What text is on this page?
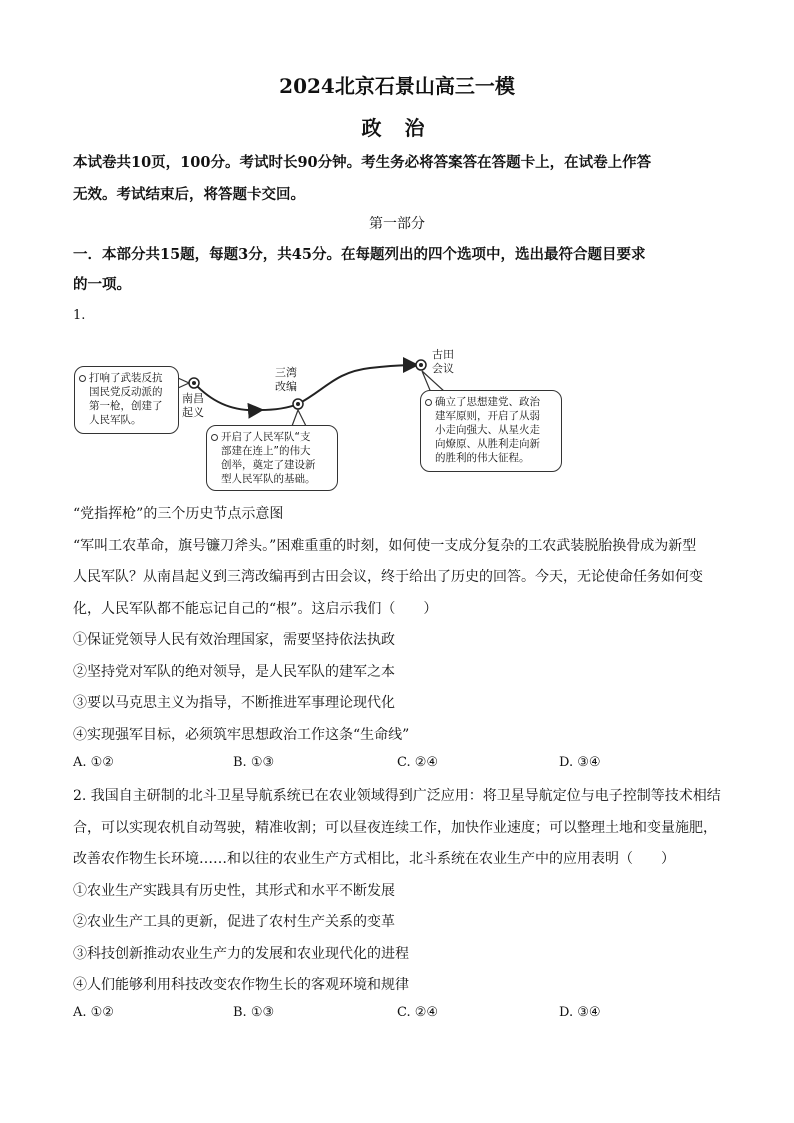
2024北京石景山高三一模
政 治
本试卷共10页，100分。考试时长90分钟。考生务必将答案答在答题卡上，在试卷上作答
无效。考试结束后，将答题卡交回。
第一部分
一．本部分共15题，每题3分，共45分。在每题列出的四个选项中，选出最符合题目要求
的一项。
1.
南昌
起义
三湾
改编
古田
会议
打响了武装反抗
国民党反动派的
第一枪，创建了
人民军队。
开启了人民军队“支
部建在连上”的伟大
创举，奠定了建设新
型人民军队的基础。
确立了思想建党、政治
建军原则，开启了从弱
小走向强大、从星火走
向燎原、从胜利走向新
的胜利的伟大征程。
“党指挥枪”的三个历史节点示意图
“军叫工农革命，旗号镰刀斧头。”困难重重的时刻，如何使一支成分复杂的工农武装脱胎换骨成为新型
人民军队？从南昌起义到三湾改编再到古田会议，终于给出了历史的回答。今天，无论使命任务如何变
化，人民军队都不能忘记自己的“根”。这启示我们（　　）
①保证党领导人民有效治理国家，需要坚持依法执政
②坚持党对军队的绝对领导，是人民军队的建军之本
③要以马克思主义为指导，不断推进军事理论现代化
④实现强军目标，必须筑牢思想政治工作这条“生命线”
A. ①②	B. ①③	C. ②④	D. ③④
2. 我国自主研制的北斗卫星导航系统已在农业领域得到广泛应用：将卫星导航定位与电子控制等技术相结
合，可以实现农机自动驾驶，精准收割；可以昼夜连续工作，加快作业速度；可以整理土地和变量施肥，
改善农作物生长环境……和以往的农业生产方式相比，北斗系统在农业生产中的应用表明（　　）
①农业生产实践具有历史性，其形式和水平不断发展
②农业生产工具的更新，促进了农村生产关系的变革
③科技创新推动农业生产力的发展和农业现代化的进程
④人们能够利用科技改变农作物生长的客观环境和规律
A. ①②	B. ①③	C. ②④	D. ③④
